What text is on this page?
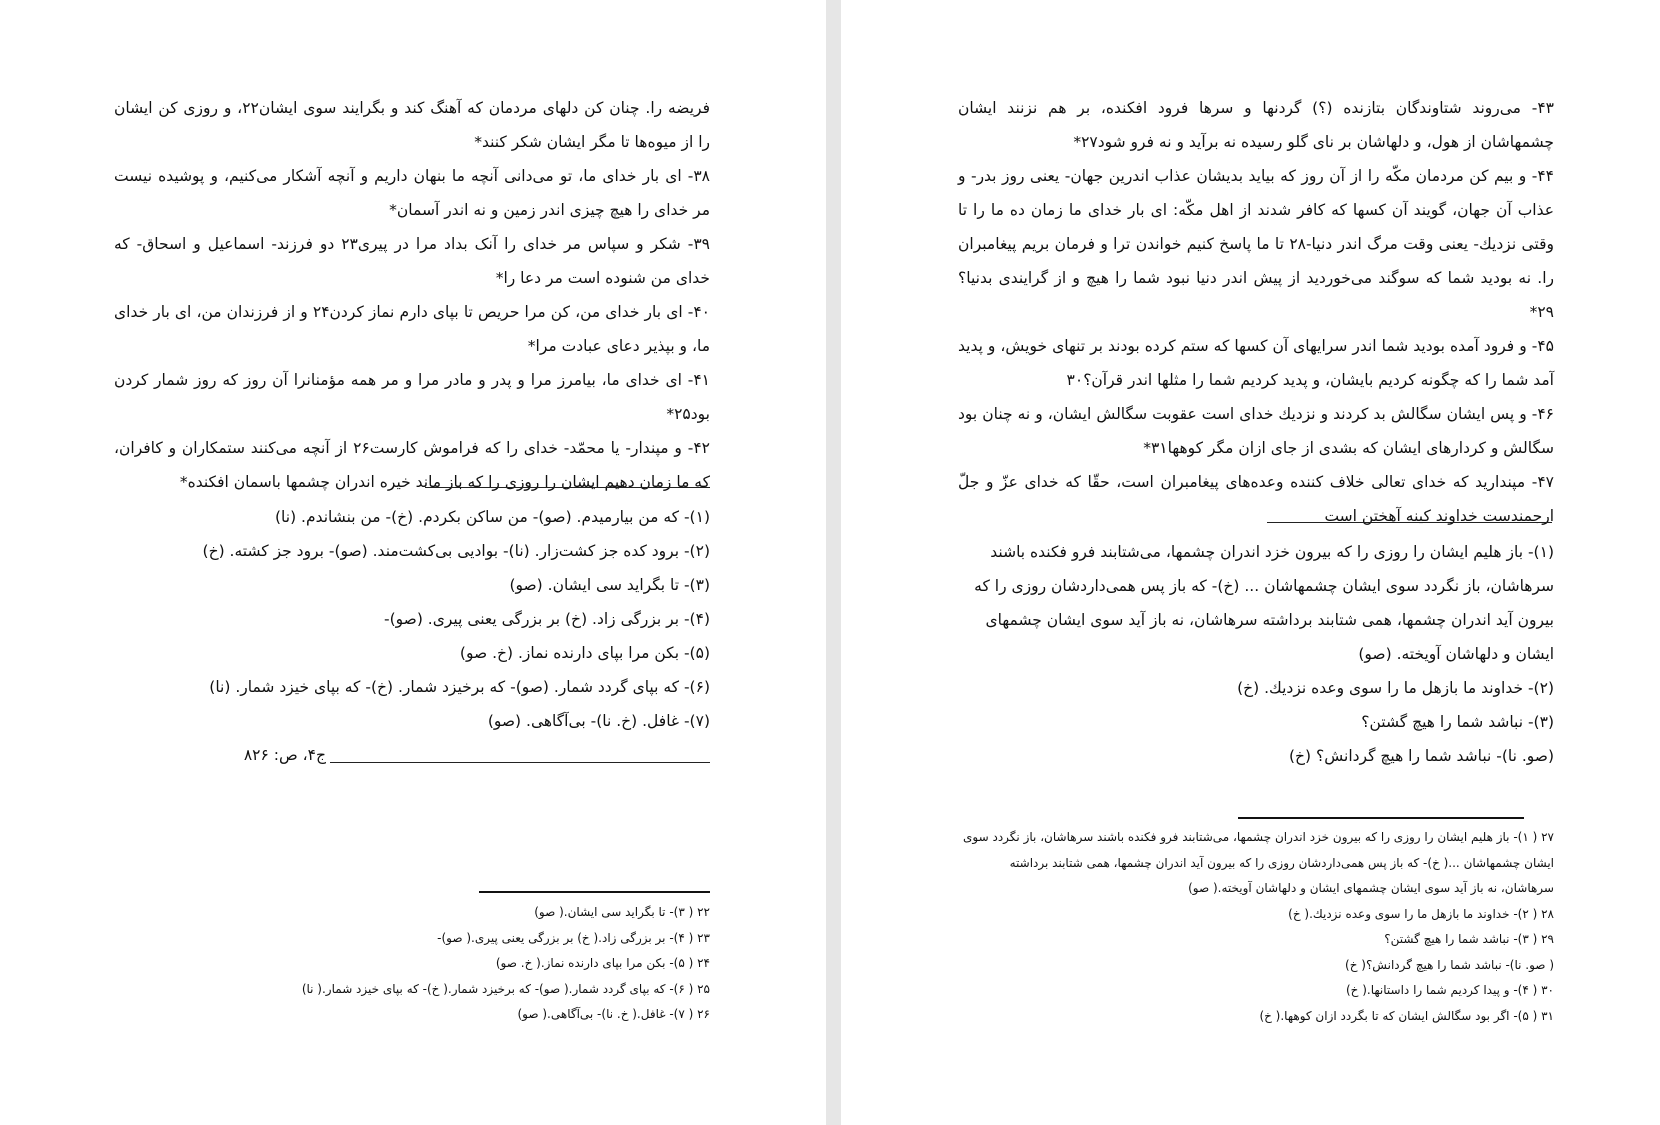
فریضه را. چنان کن دلهای مردمان که آهنگ کند و بگرایند سوی ایشان۲۲، و روزی کن ایشان را از میوه‌ها تا مگر ایشان شکر کنند*

۳۸- ای بار خدای ما، تو می‌دانی آنچه ما بنهان داریم و آنچه آشکار می‌کنیم، و پوشیده نیست مر خدای را هیچ چیزی اندر زمین و نه اندر آسمان*

۳۹- شکر و سپاس مر خدای را آنک بداد مرا در پیری۲۳ دو فرزند- اسماعیل و اسحاق- که خدای من شنوده است مر دعا را*

۴۰- ای بار خدای من، کن مرا حریص تا بپای دارم نماز کردن۲۴ و از فرزندان من، ای بار خدای ما، و بپذیر دعای عبادت مرا*

۴۱- ای خدای ما، بیامرز مرا و پدر و مادر مرا و مر همه مؤمنانرا آن روز که روز شمار کردن بود۲۵*

۴۲- و مپندار- یا محمّد- خدای را که فراموش کارست۲۶ از آنچه می‌کنند ستمکاران و کافران، که ما زمان دهیم ایشان را روزی را که باز ماند خیره اندران چشمها باسمان افکنده*

(۱)- که من بیارمیدم. (صو)- من ساکن بکردم. (خ)- من بنشاندم. (نا)

(۲)- برود کده جز کشت‌زار. (نا)- بوادیی بی‌کشت‌مند. (صو)- برود جز کشته. (خ)

(۳)- تا بگراید سی ایشان. (صو)

(۴)- بر بزرگی زاد. (خ) بر بزرگی یعنی پیری. (صو)-

(۵)- بکن مرا بپای دارنده نماز. (خ. صو)

(۶)- که بپای گردد شمار. (صو)- که برخیزد شمار. (خ)- که بپای خیزد شمار. (نا)

(۷)- غافل. (خ. نا)- بی‌آگاهی. (صو)

ج‌۴، ص: ۸۲۶

۲۲ ( ۳)- تا بگراید سی ایشان.( صو)

۲۳ ( ۴)- بر بزرگی زاد.( خ) بر بزرگی یعنی پیری.( صو)-

۲۴ ( ۵)- بکن مرا بپای دارنده نماز.( خ. صو)

۲۵ ( ۶)- که بپای گردد شمار.( صو)- که برخیزد شمار.( خ)- که بپای خیزد شمار.( نا)

۲۶ ( ۷)- غافل.( خ. نا)- بی‌آگاهی.( صو)

۴۳- می‌روند شتاوندگان بتازنده (؟) گردنها و سرها فرود افکنده، بر هم نزنند ایشان چشمهاشان از هول، و دلهاشان بر نای گلو رسیده نه برآید و نه فرو شود۲۷*

۴۴- و بیم کن مردمان مکّه را از آن روز که بیاید بدیشان عذاب اندرین جهان- یعنی روز بدر- و عذاب آن جهان، گویند آن کسها که کافر شدند از اهل مکّه: ای بار خدای ما زمان ده ما را تا وقتی نزدیك- یعنی وقت مرگ اندر دنیا-۲۸ تا ما پاسخ کنیم خواندن ترا و فرمان بریم پیغامبران را. نه بودید شما که سوگند می‌خوردید از پیش اندر دنیا نبود شما را هیچ و از گرایندی بدنیا؟۲۹*

۴۵- و فرود آمده بودید شما اندر سرایهای آن کسها که ستم کرده بودند بر تنهای خویش، و پدید آمد شما را که چگونه کردیم بایشان، و پدید کردیم شما را مثلها اندر قرآن؟۳۰

۴۶- و پس ایشان سگالش بد کردند و نزدیك خدای است عقوبت سگالش ایشان، و نه چنان بود سگالش و کردارهای ایشان که بشدی از جای ازان مگر کوهها۳۱*

۴۷- مپندارید که خدای تعالی خلاف کننده وعده‌های پیغامبران است، حقّا که خدای عزّ و جلّ ارجمندست خداوند کینه آهختن است

(۱)- باز هلیم ایشان را روزی را که بیرون خزد اندران چشمها، می‌شتابند فرو فکنده باشند سرهاشان، باز نگردد سوی ایشان چشمهاشان ... (خ)- که باز پس همی‌داردشان روزی را که بیرون آید اندران چشمها، همی شتابند برداشته سرهاشان، نه باز آید سوی ایشان چشمهای ایشان و دلهاشان آویخته. (صو)

(۲)- خداوند ما بازهل ما را سوی وعده نزدیك. (خ)

(۳)- نباشد شما را هیچ گشتن؟

(صو. نا)- نباشد شما را هیچ گردانش؟ (خ)

۲۷ ( ۱)- باز هلیم ایشان را روزی را که بیرون خزد اندران چشمها، می‌شتابند فرو فکنده باشند سرهاشان، باز نگردد سوی ایشان چشمهاشان ...( خ)- که باز پس همی‌داردشان روزی را که بیرون آید اندران چشمها، همی شتابند برداشته سرهاشان، نه باز آید سوی ایشان چشمهای ایشان و دلهاشان آویخته.( صو)

۲۸ ( ۲)- خداوند ما بازهل ما را سوی وعده نزدیك.( خ)

۲۹ ( ۳)- نباشد شما را هیچ گشتن؟

( صو. نا)- نباشد شما را هیچ گردانش؟( خ)

۳۰ ( ۴)- و پیدا کردیم شما را داستانها.( خ)

۳۱ ( ۵)- اگر بود سگالش ایشان که تا بگردد ازان کوهها.( خ)
